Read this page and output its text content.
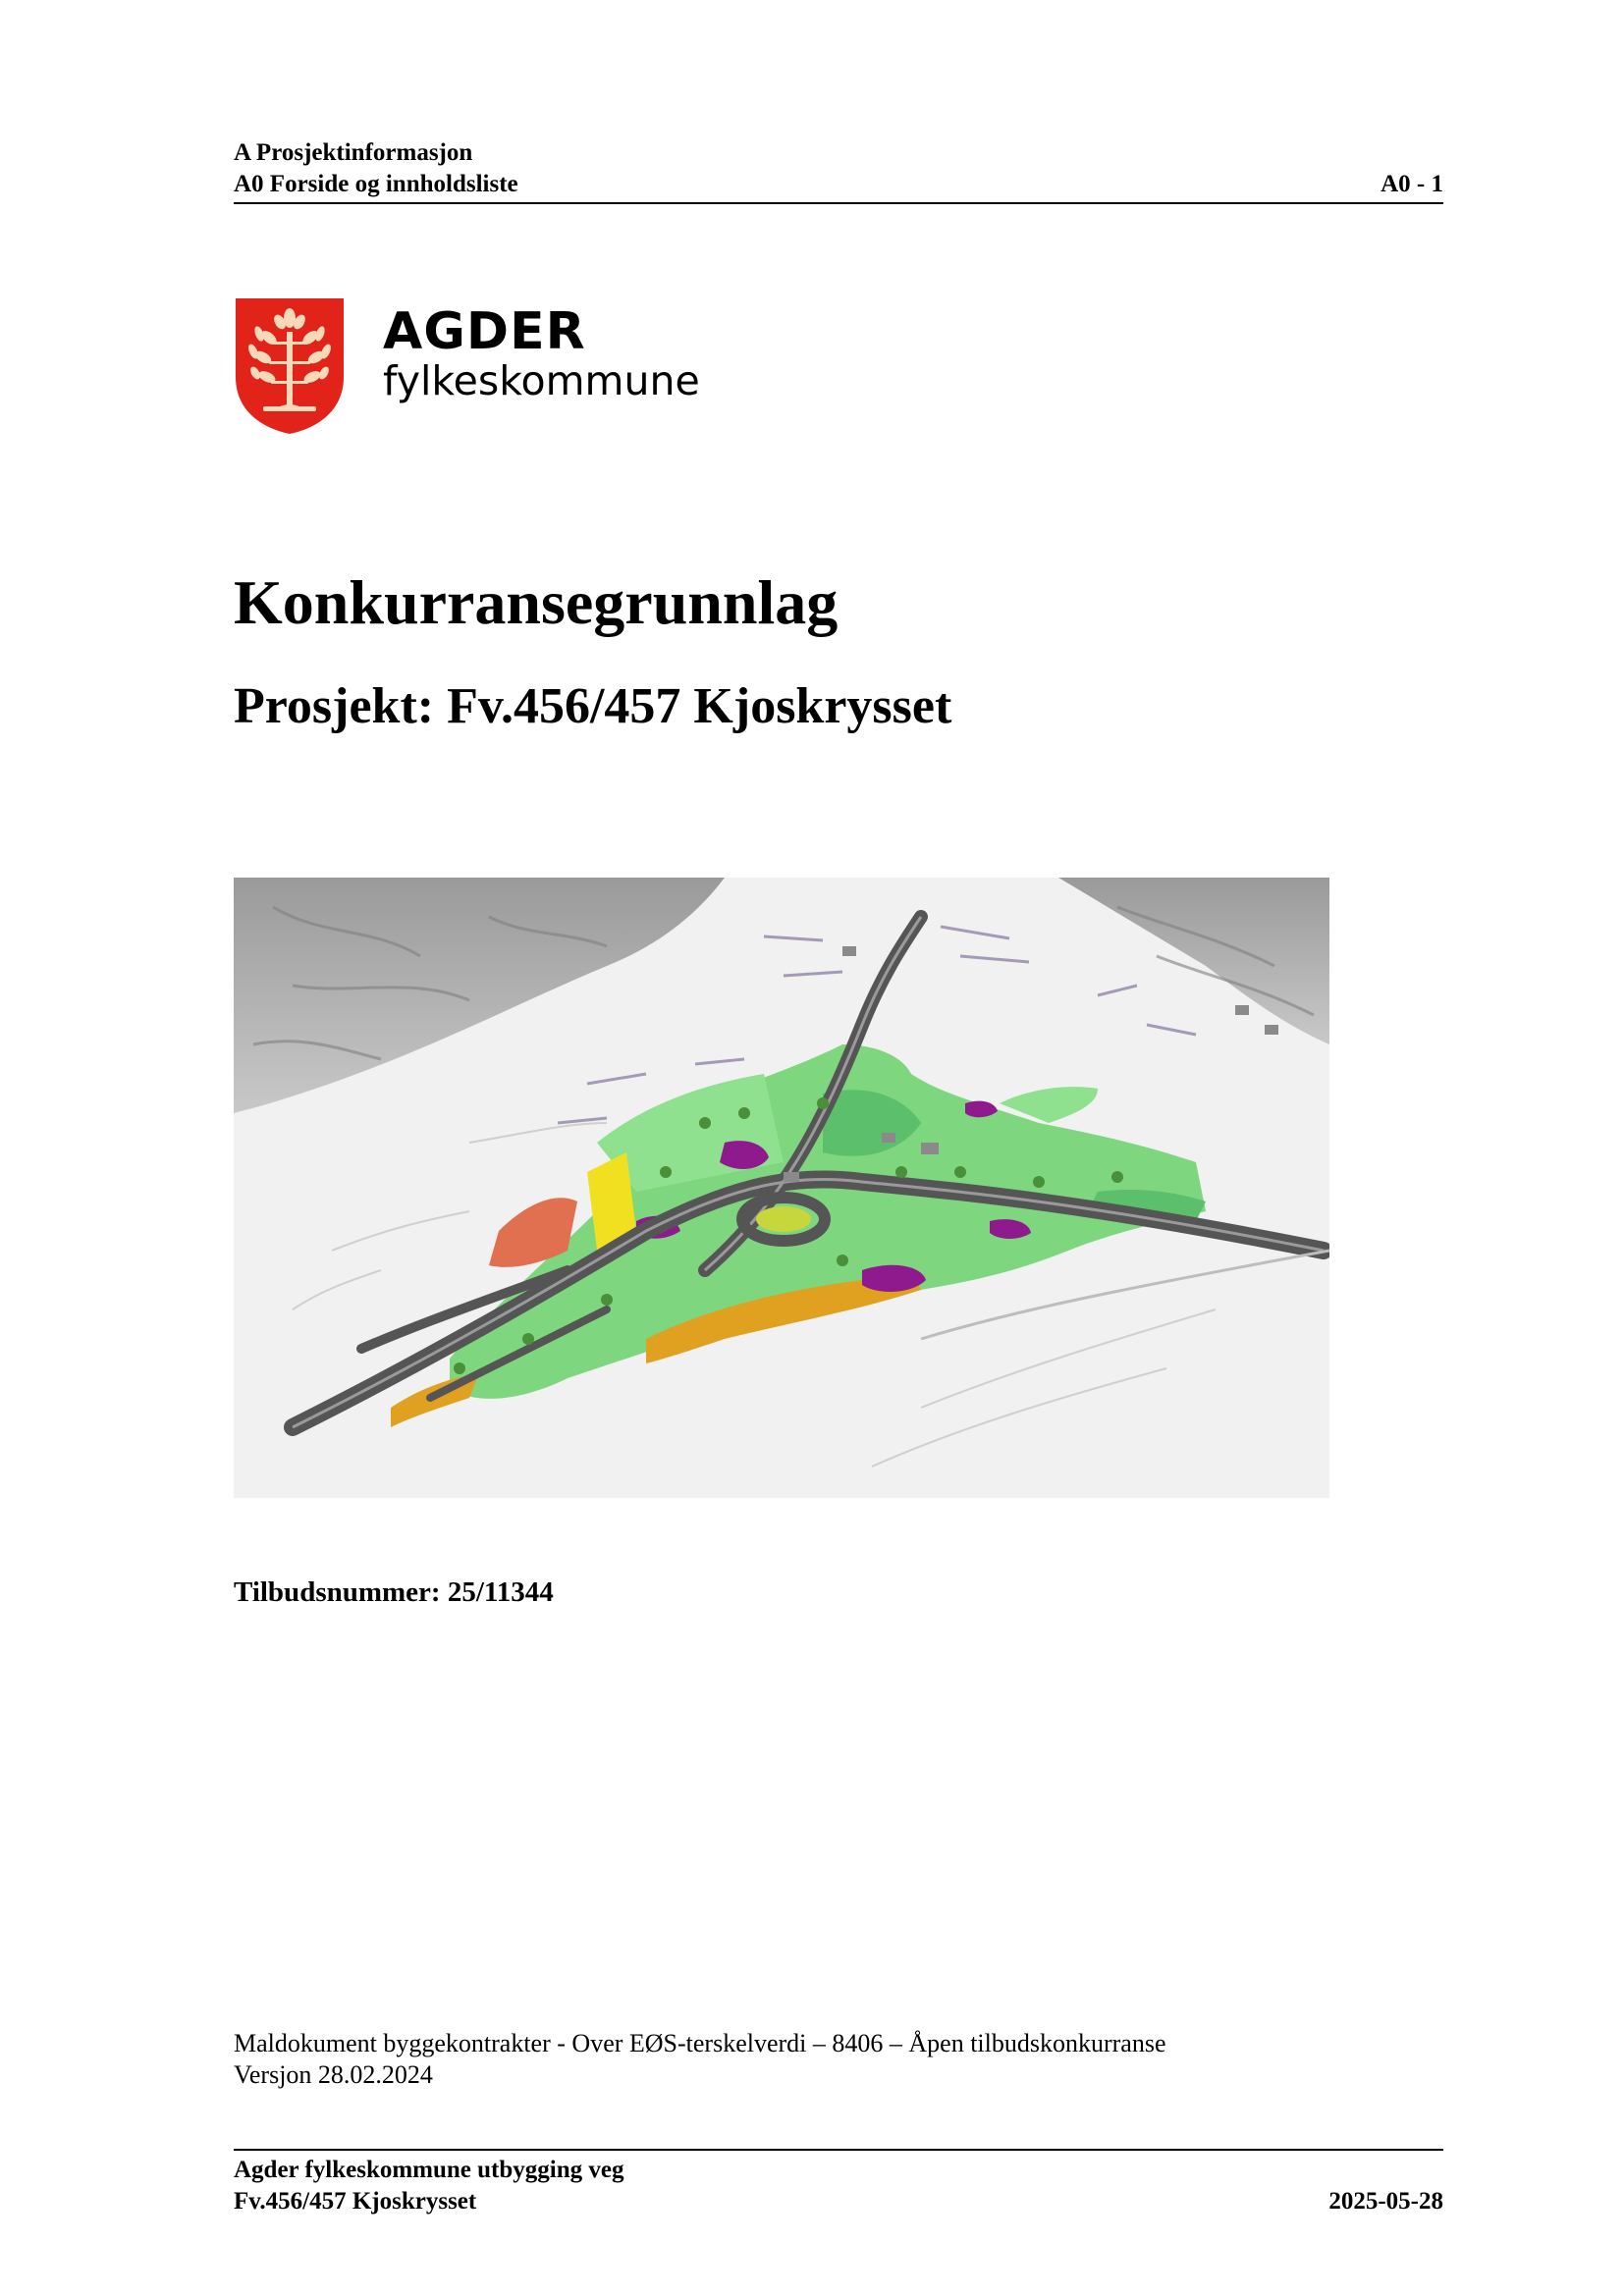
A Prosjektinformasjon
A0 Forside og innholdsliste	A0 - 1
AGDER
fylkeskommune
Konkurransegrunnlag
Prosjekt: Fv.456/457 Kjoskrysset
Tilbudsnummer: 25/11344
Maldokument byggekontrakter - Over EØS-terskelverdi – 8406 – Åpen tilbudskonkurranse
Versjon 28.02.2024
Agder fylkeskommune utbygging veg
Fv.456/457 Kjoskrysset	2025-05-28
